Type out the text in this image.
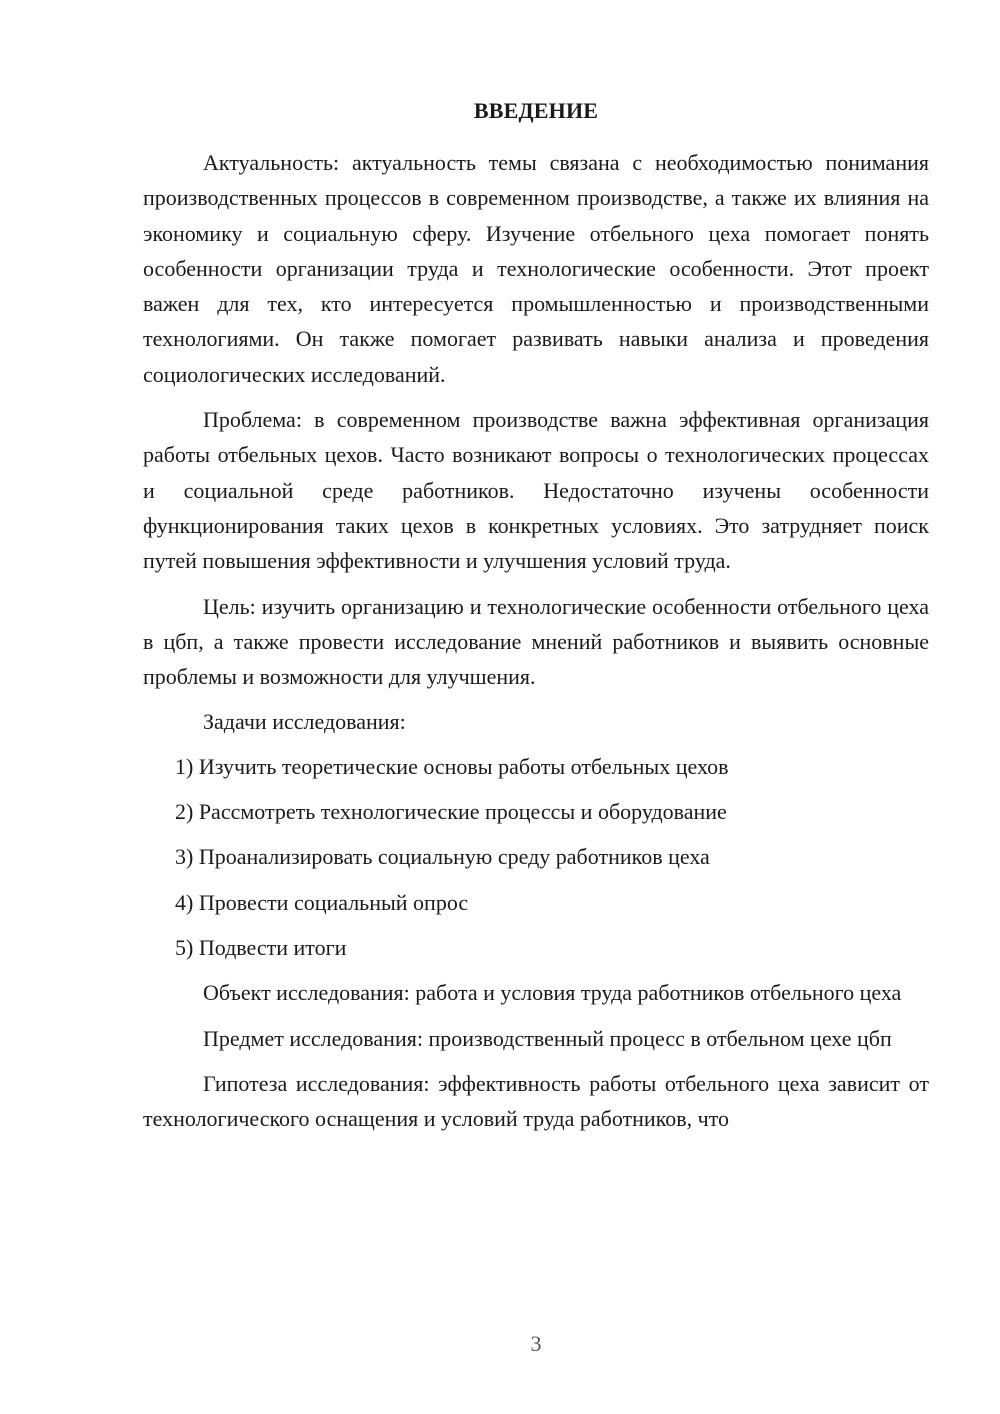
ВВЕДЕНИЕ

Актуальность: актуальность темы связана с необходимостью понимания производственных процессов в современном производстве, а также их влияния на экономику и социальную сферу. Изучение отбельного цеха помогает понять особенности организации труда и технологические особенности. Этот проект важен для тех, кто интересуется промышленностью и производственными технологиями. Он также помогает развивать навыки анализа и проведения социологических исследований.

Проблема: в современном производстве важна эффективная организация работы отбельных цехов. Часто возникают вопросы о технологических процессах и социальной среде работников. Недостаточно изучены особенности функционирования таких цехов в конкретных условиях. Это затрудняет поиск путей повышения эффективности и улучшения условий труда.

Цель: изучить организацию и технологические особенности отбельного цеха в цбп, а также провести исследование мнений работников и выявить основные проблемы и возможности для улучшения.

Задачи исследования:
1) Изучить теоретические основы работы отбельных цехов
2) Рассмотреть технологические процессы и оборудование
3) Проанализировать социальную среду работников цеха
4) Провести социальный опрос
5) Подвести итоги

Объект исследования: работа и условия труда работников отбельного цеха

Предмет исследования: производственный процесс в отбельном цехе цбп

Гипотеза исследования: эффективность работы отбельного цеха зависит от технологического оснащения и условий труда работников, что

3
